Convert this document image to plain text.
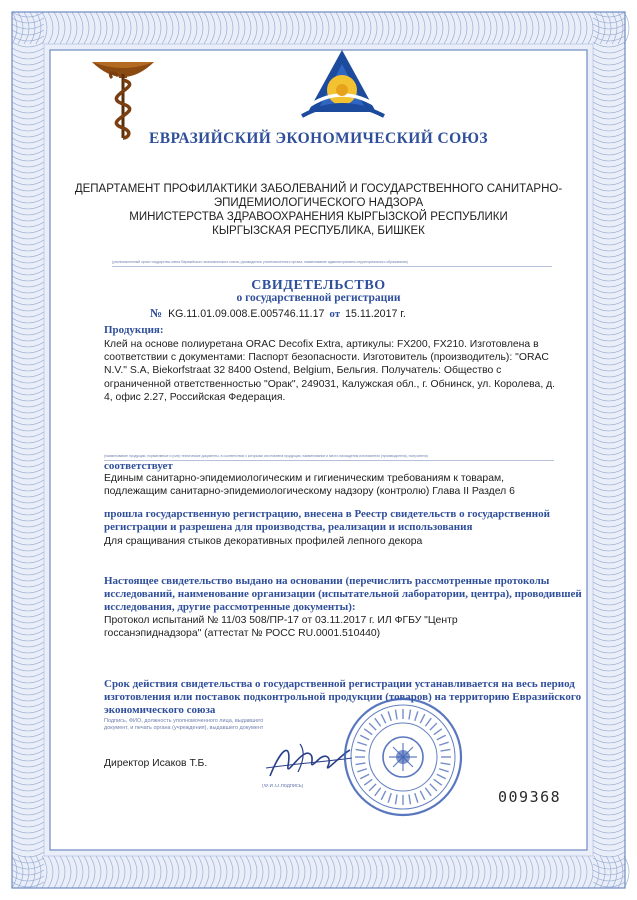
ЕВРАЗИЙСКИЙ ЭКОНОМИЧЕСКИЙ СОЮЗ
ДЕПАРТАМЕНТ ПРОФИЛАКТИКИ ЗАБОЛЕВАНИЙ И ГОСУДАРСТВЕННОГО САНИТАРНО-
ЭПИДЕМИОЛОГИЧЕСКОГО НАДЗОРА
МИНИСТЕРСТВА ЗДРАВООХРАНЕНИЯ КЫРГЫЗСКОЙ РЕСПУБЛИКИ
КЫРГЫЗСКАЯ РЕСПУБЛИКА, БИШКЕК
(уполномоченный орган государства-члена Евразийского экономического союза, руководитель уполномоченного органа, наименование административно-территориального образования)
СВИДЕТЕЛЬСТВО
о государственной регистрации
№ KG.11.01.09.008.Е.005746.11.17 от 15.11.2017 г.
Продукция:
Клей на основе полиуретана ORAC Decofix Extra, артикулы: FX200, FX210. Изготовлена в соответствии с документами: Паспорт безопасности. Изготовитель (производитель): "ORAC N.V." S.A, Biekorfstraat 32 8400 Ostend, Belgium, Бельгия. Получатель: Общество с ограниченной ответственностью "Орак", 249031, Калужская обл., г. Обнинск, ул. Королева, д. 4, офис 2.27, Российская Федерация.
(наименование продукции, нормативные и (или) технические документы, в соответствии с которыми изготовлена продукция, наименование и место нахождения изготовителя (производителя), получателя)
соответствует
Единым санитарно-эпидемиологическим и гигиеническим требованиям к товарам, подлежащим санитарно-эпидемиологическому надзору (контролю) Глава II Раздел 6
прошла государственную регистрацию, внесена в Реестр свидетельств о государственной регистрации и разрешена для производства, реализации и использования
Для сращивания стыков декоративных профилей лепного декора
Настоящее свидетельство выдано на основании (перечислить рассмотренные протоколы исследований, наименование организации (испытательной лаборатории, центра), проводившей исследования, другие рассмотренные документы):
Протокол испытаний № 11/03 508/ПР-17 от 03.11.2017 г. ИЛ ФГБУ "Центр госсанэпиднадзора" (аттестат № РОСС RU.0001.510440)
Срок действия свидетельства о государственной регистрации устанавливается на весь период изготовления или поставок подконтрольной продукции (товаров) на территорию Евразийского экономического союза
Подпись, ФИО, должность уполномоченного лица, выдавшего документ, и печать органа (учреждения), выдавшего документ
Директор Исаков Т.Б.
(Ф.И.О.подпись)
009368
